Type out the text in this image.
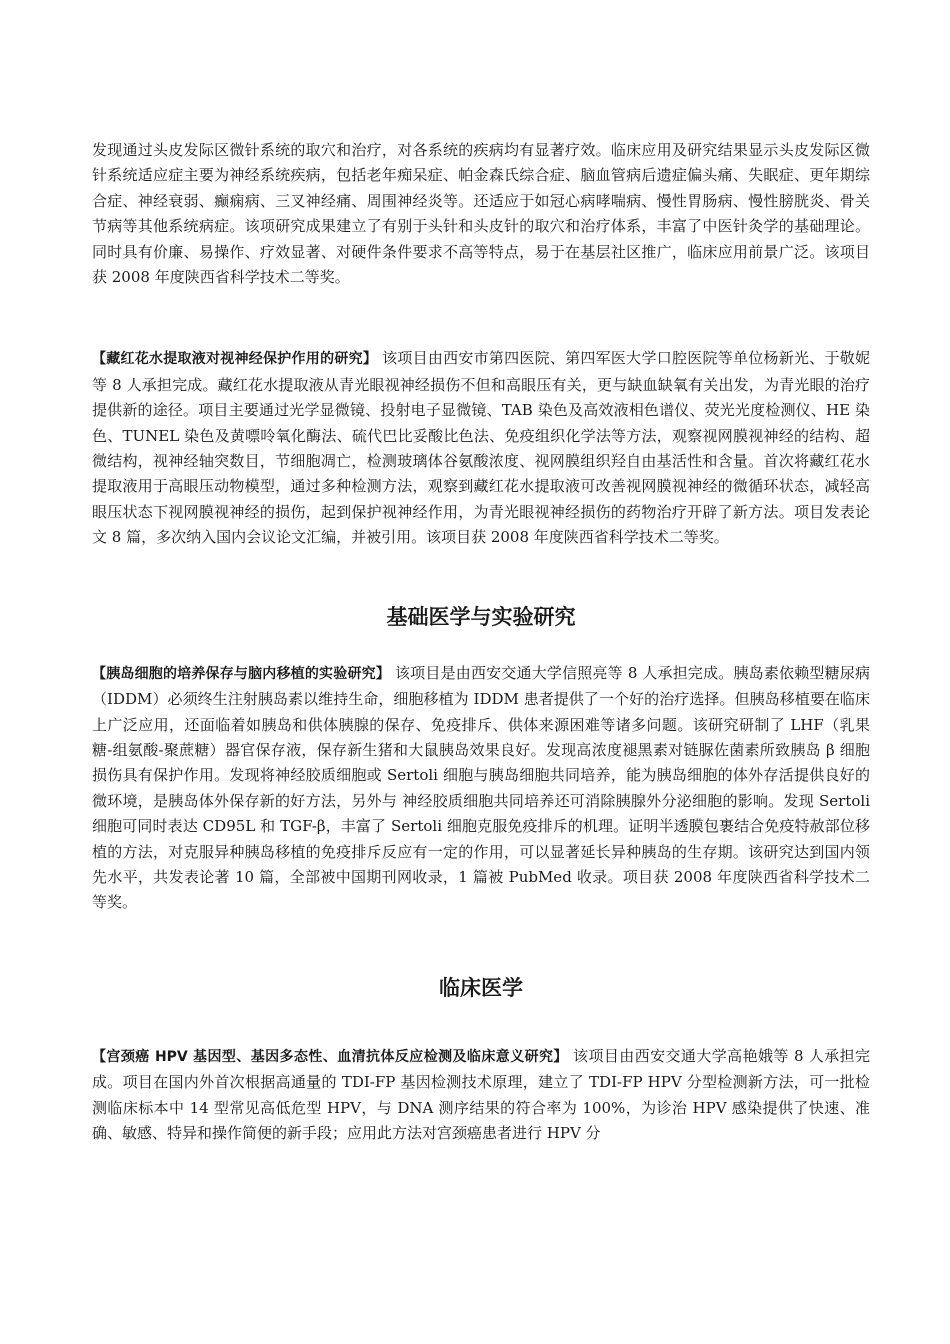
发现通过头皮发际区微针系统的取穴和治疗，对各系统的疾病均有显著疗效。临床应用及研究结果显示头皮发际区微针系统适应症主要为神经系统疾病，包括老年痴呆症、帕金森氏综合症、脑血管病后遗症偏头痛、失眠症、更年期综合症、神经衰弱、癫痫病、三叉神经痛、周围神经炎等。还适应于如冠心病哮喘病、慢性胃肠病、慢性膀胱炎、骨关节病等其他系统病症。该项研究成果建立了有别于头针和头皮针的取穴和治疗体系，丰富了中医针灸学的基础理论。同时具有价廉、易操作、疗效显著、对硬件条件要求不高等特点，易于在基层社区推广，临床应用前景广泛。该项目获 2008 年度陕西省科学技术二等奖。

【藏红花水提取液对视神经保护作用的研究】 该项目由西安市第四医院、第四军医大学口腔医院等单位杨新光、于敬妮等 8 人承担完成。藏红花水提取液从青光眼视神经损伤不但和高眼压有关，更与缺血缺氧有关出发，为青光眼的治疗提供新的途径。项目主要通过光学显微镜、投射电子显微镜、TAB 染色及高效液相色谱仪、荧光光度检测仪、HE 染色、TUNEL 染色及黄嘌呤氧化酶法、硫代巴比妥酸比色法、免疫组织化学法等方法，观察视网膜视神经的结构、超微结构，视神经轴突数目，节细胞凋亡，检测玻璃体谷氨酸浓度、视网膜组织羟自由基活性和含量。首次将藏红花水提取液用于高眼压动物模型，通过多种检测方法，观察到藏红花水提取液可改善视网膜视神经的微循环状态，减轻高眼压状态下视网膜视神经的损伤，起到保护视神经作用，为青光眼视神经损伤的药物治疗开辟了新方法。项目发表论文 8 篇，多次纳入国内会议论文汇编，并被引用。该项目获 2008 年度陕西省科学技术二等奖。

基础医学与实验研究

【胰岛细胞的培养保存与脑内移植的实验研究】 该项目是由西安交通大学信照亮等 8 人承担完成。胰岛素依赖型糖尿病（IDDM）必须终生注射胰岛素以维持生命，细胞移植为 IDDM 患者提供了一个好的治疗选择。但胰岛移植要在临床上广泛应用，还面临着如胰岛和供体胰腺的保存、免疫排斥、供体来源困难等诸多问题。该研究研制了 LHF（乳果糖-组氨酸-聚蔗糖）器官保存液，保存新生猪和大鼠胰岛效果良好。发现高浓度褪黑素对链脲佐菌素所致胰岛 β 细胞损伤具有保护作用。发现将神经胶质细胞或 Sertoli 细胞与胰岛细胞共同培养，能为胰岛细胞的体外存活提供良好的微环境，是胰岛体外保存新的好方法，另外与 神经胶质细胞共同培养还可消除胰腺外分泌细胞的影响。发现 Sertoli 细胞可同时表达 CD95L 和 TGF-β，丰富了 Sertoli 细胞克服免疫排斥的机理。证明半透膜包裹结合免疫特赦部位移植的方法，对克服异种胰岛移植的免疫排斥反应有一定的作用，可以显著延长异种胰岛的生存期。该研究达到国内领先水平，共发表论著 10 篇，全部被中国期刊网收录，1 篇被 PubMed 收录。项目获 2008 年度陕西省科学技术二等奖。

临床医学

【宫颈癌 HPV 基因型、基因多态性、血清抗体反应检测及临床意义研究】 该项目由西安交通大学高艳娥等 8 人承担完成。项目在国内外首次根据高通量的 TDI-FP 基因检测技术原理，建立了 TDI-FP HPV 分型检测新方法，可一批检测临床标本中 14 型常见高低危型 HPV，与 DNA 测序结果的符合率为 100%，为诊治 HPV 感染提供了快速、准确、敏感、特异和操作简便的新手段；应用此方法对宫颈癌患者进行 HPV 分
